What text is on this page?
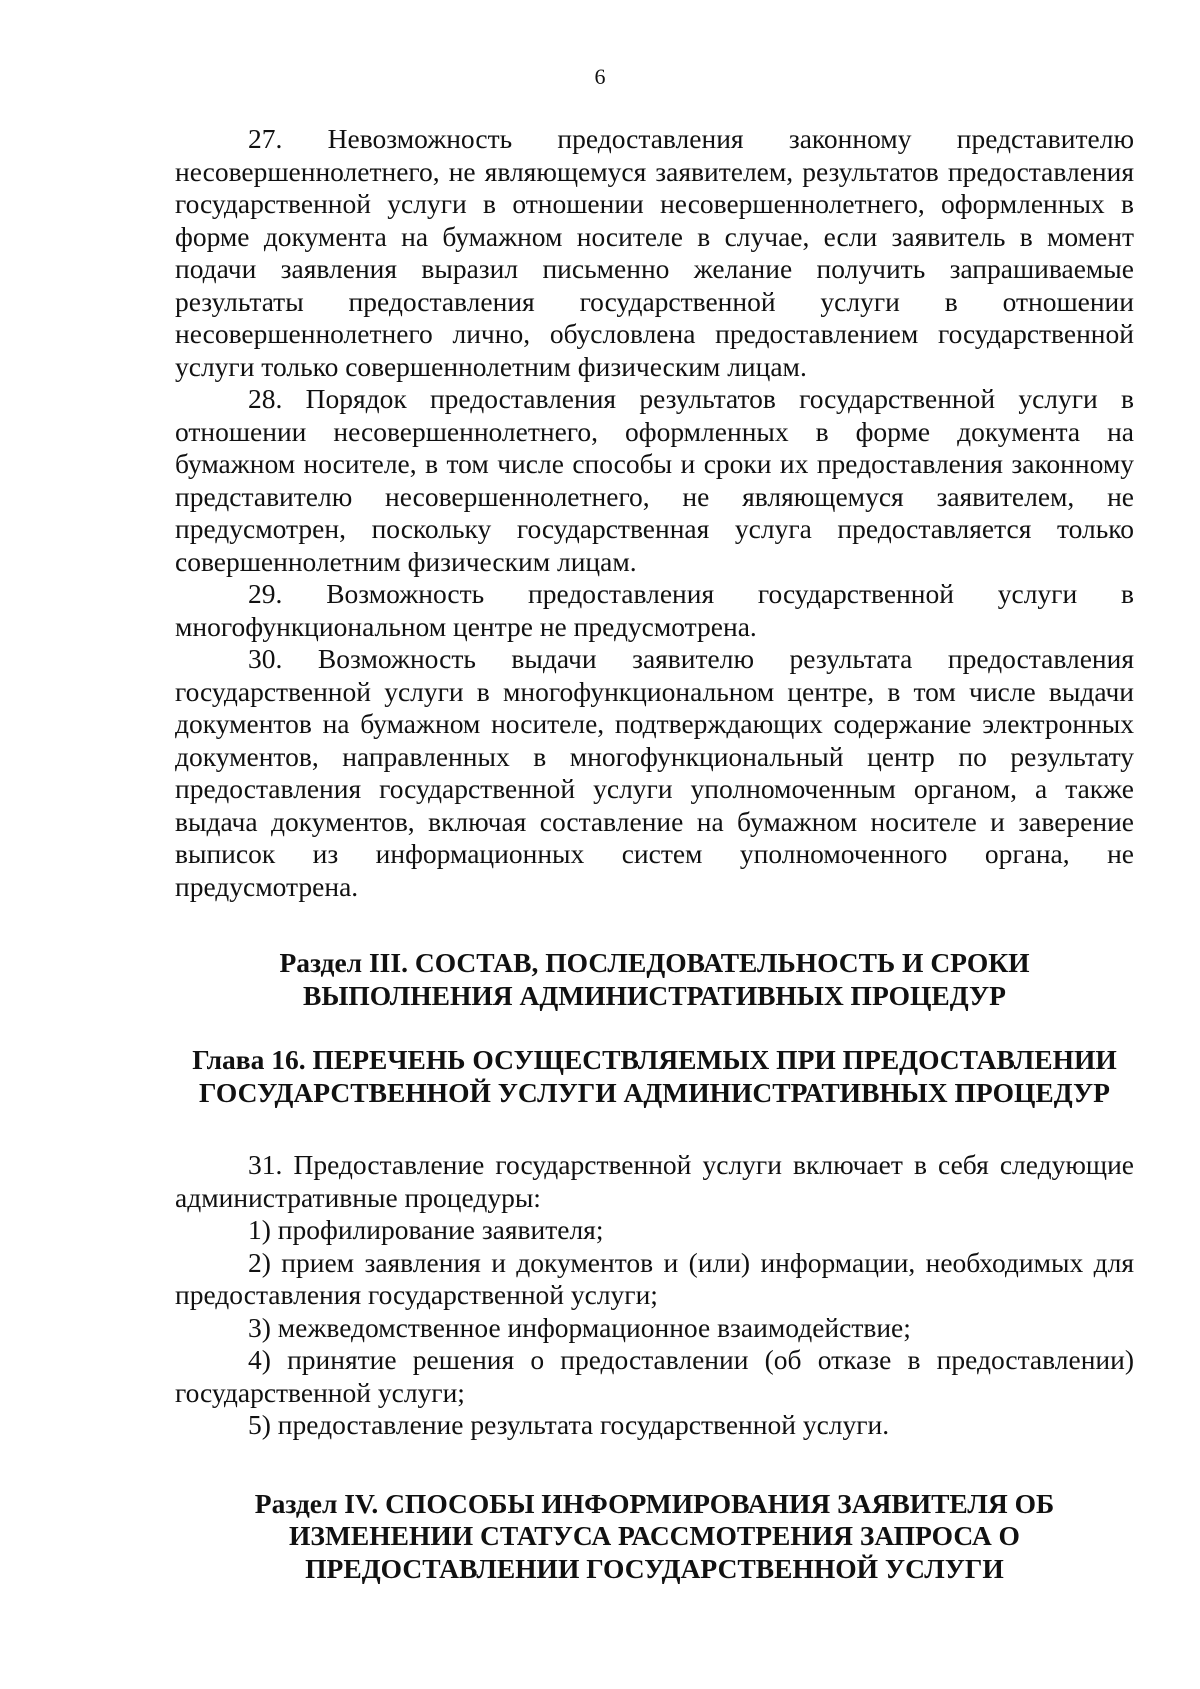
6

27. Невозможность предоставления законному представителю несовершеннолетнего, не являющемуся заявителем, результатов предоставления государственной услуги в отношении несовершеннолетнего, оформленных в форме документа на бумажном носителе в случае, если заявитель в момент подачи заявления выразил письменно желание получить запрашиваемые результаты предоставления государственной услуги в отношении несовершеннолетнего лично, обусловлена предоставлением государственной услуги только совершеннолетним физическим лицам.

28. Порядок предоставления результатов государственной услуги в отношении несовершеннолетнего, оформленных в форме документа на бумажном носителе, в том числе способы и сроки их предоставления законному представителю несовершеннолетнего, не являющемуся заявителем, не предусмотрен, поскольку государственная услуга предоставляется только совершеннолетним физическим лицам.

29. Возможность предоставления государственной услуги в многофункциональном центре не предусмотрена.

30. Возможность выдачи заявителю результата предоставления государственной услуги в многофункциональном центре, в том числе выдачи документов на бумажном носителе, подтверждающих содержание электронных документов, направленных в многофункциональный центр по результату предоставления государственной услуги уполномоченным органом, а также выдача документов, включая составление на бумажном носителе и заверение выписок из информационных систем уполномоченного органа, не предусмотрена.

Раздел III. СОСТАВ, ПОСЛЕДОВАТЕЛЬНОСТЬ И СРОКИ
ВЫПОЛНЕНИЯ АДМИНИСТРАТИВНЫХ ПРОЦЕДУР
Глава 16. ПЕРЕЧЕНЬ ОСУЩЕСТВЛЯЕМЫХ ПРИ ПРЕДОСТАВЛЕНИИ
ГОСУДАРСТВЕННОЙ УСЛУГИ АДМИНИСТРАТИВНЫХ ПРОЦЕДУР

31. Предоставление государственной услуги включает в себя следующие административные процедуры:

1) профилирование заявителя;

2) прием заявления и документов и (или) информации, необходимых для предоставления государственной услуги;

3) межведомственное информационное взаимодействие;

4) принятие решения о предоставлении (об отказе в предоставлении) государственной услуги;

5) предоставление результата государственной услуги.

Раздел IV. СПОСОБЫ ИНФОРМИРОВАНИЯ ЗАЯВИТЕЛЯ ОБ
ИЗМЕНЕНИИ СТАТУСА РАССМОТРЕНИЯ ЗАПРОСА О
ПРЕДОСТАВЛЕНИИ ГОСУДАРСТВЕННОЙ УСЛУГИ
